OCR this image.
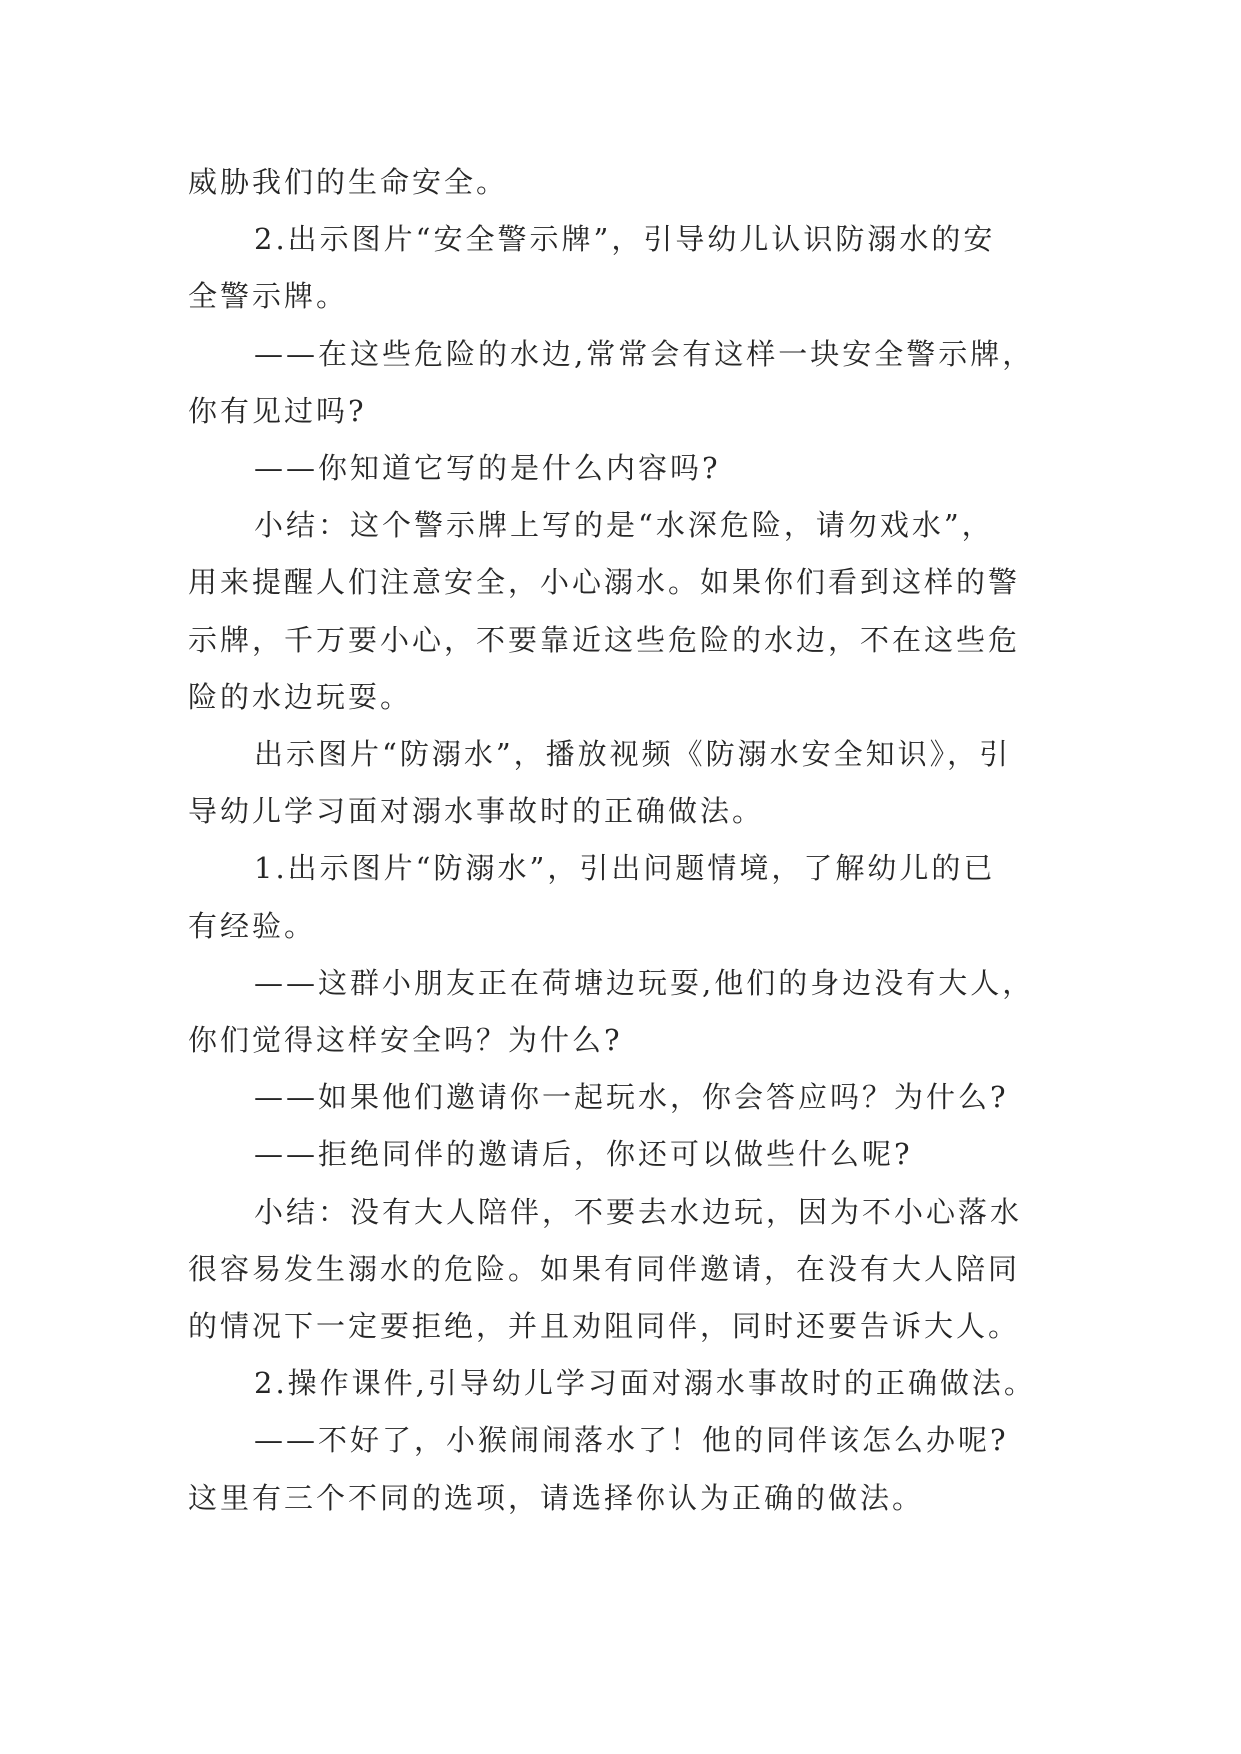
威胁我们的生命安全。

2.出示图片“安全警示牌”，引导幼儿认识防溺水的安

全警示牌。

——在这些危险的水边,常常会有这样一块安全警示牌，

你有见过吗?

——你知道它写的是什么内容吗?

小结：这个警示牌上写的是“水深危险，请勿戏水”，

用来提醒人们注意安全，小心溺水。如果你们看到这样的警

示牌，千万要小心，不要靠近这些危险的水边，不在这些危

险的水边玩耍。

出示图片“防溺水”，播放视频《防溺水安全知识》，引

导幼儿学习面对溺水事故时的正确做法。

1.出示图片“防溺水”，引出问题情境，了解幼儿的已

有经验。

——这群小朋友正在荷塘边玩耍,他们的身边没有大人，

你们觉得这样安全吗？为什么?

——如果他们邀请你一起玩水，你会答应吗？为什么?

——拒绝同伴的邀请后，你还可以做些什么呢?

小结：没有大人陪伴，不要去水边玩，因为不小心落水

很容易发生溺水的危险。如果有同伴邀请，在没有大人陪同

的情况下一定要拒绝，并且劝阻同伴，同时还要告诉大人。

2.操作课件,引导幼儿学习面对溺水事故时的正确做法。

——不好了，小猴闹闹落水了！他的同伴该怎么办呢?

这里有三个不同的选项，请选择你认为正确的做法。
